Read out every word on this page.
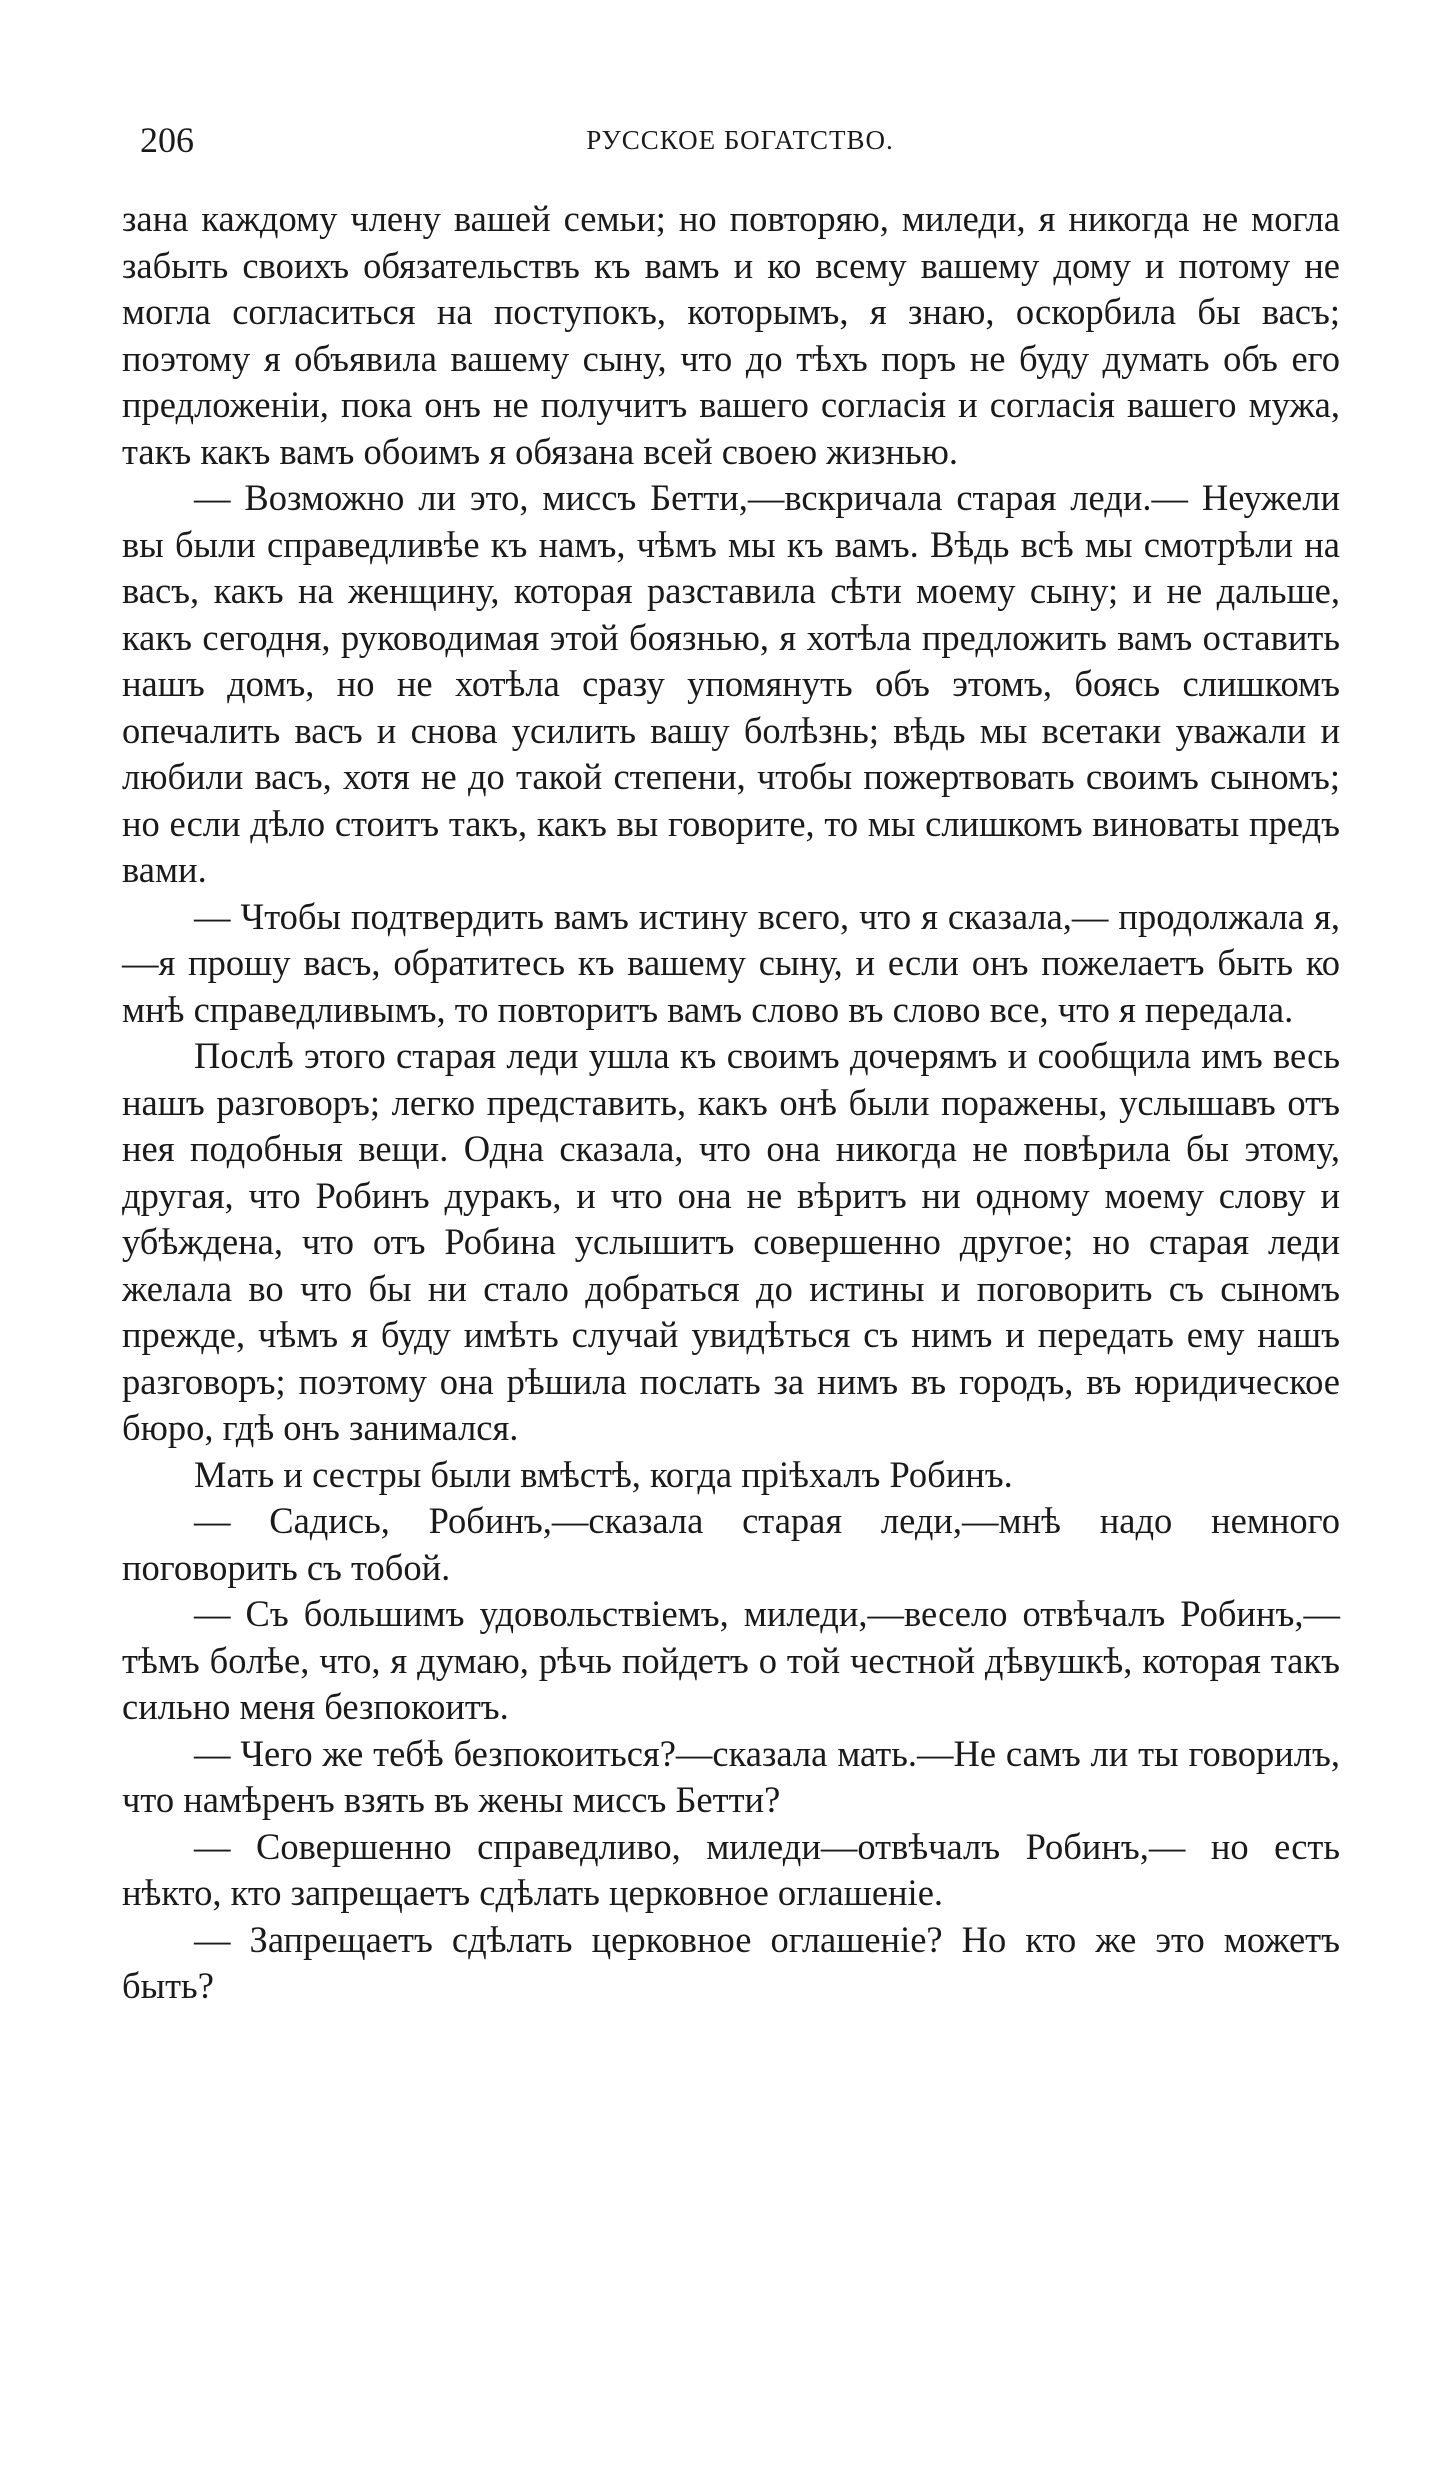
206	РУССКОЕ БОГАТСТВО.

зана каждому члену вашей семьи; но повторяю, миледи, я никогда не могла забыть своихъ обязательствъ къ вамъ и ко всему вашему дому и потому не могла согласиться на поступокъ, которымъ, я знаю, оскорбила бы васъ; поэтому я объявила вашему сыну, что до тѣхъ поръ не буду думать объ его предложеніи, пока онъ не получитъ вашего согласія и согласія вашего мужа, такъ какъ вамъ обоимъ я обязана всей своею жизнью.

— Возможно ли это, миссъ Бетти,—вскричала старая леди.— Неужели вы были справедливѣе къ намъ, чѣмъ мы къ вамъ. Вѣдь всѣ мы смотрѣли на васъ, какъ на женщину, которая разставила сѣти моему сыну; и не дальше, какъ сегодня, руководимая этой боязнью, я хотѣла предложить вамъ оставить нашъ домъ, но не хотѣла сразу упомянуть объ этомъ, боясь слишкомъ опечалить васъ и снова усилить вашу болѣзнь; вѣдь мы всетаки уважали и любили васъ, хотя не до такой степени, чтобы пожертвовать своимъ сыномъ; но если дѣло стоитъ такъ, какъ вы говорите, то мы слишкомъ виноваты предъ вами.

— Чтобы подтвердить вамъ истину всего, что я сказала,— продолжала я,—я прошу васъ, обратитесь къ вашему сыну, и если онъ пожелаетъ быть ко мнѣ справедливымъ, то повторитъ вамъ слово въ слово все, что я передала.

Послѣ этого старая леди ушла къ своимъ дочерямъ и сообщила имъ весь нашъ разговоръ; легко представить, какъ онѣ были поражены, услышавъ отъ нея подобныя вещи. Одна сказала, что она никогда не повѣрила бы этому, другая, что Робинъ дуракъ, и что она не вѣритъ ни одному моему слову и убѣждена, что отъ Робина услышитъ совершенно другое; но старая леди желала во что бы ни стало добраться до истины и поговорить съ сыномъ прежде, чѣмъ я буду имѣть случай увидѣться съ нимъ и передать ему нашъ разговоръ; поэтому она рѣшила послать за нимъ въ городъ, въ юридическое бюро, гдѣ онъ занимался.

Мать и сестры были вмѣстѣ, когда пріѣхалъ Робинъ.

— Садись, Робинъ,—сказала старая леди,—мнѣ надо немного поговорить съ тобой.

— Съ большимъ удовольствіемъ, миледи,—весело отвѣчалъ Робинъ,—тѣмъ болѣе, что, я думаю, рѣчь пойдетъ о той честной дѣвушкѣ, которая такъ сильно меня безпокоитъ.

— Чего же тебѣ безпокоиться?—сказала мать.—Не самъ ли ты говорилъ, что намѣренъ взять въ жены миссъ Бетти?

— Совершенно справедливо, миледи—отвѣчалъ Робинъ,— но есть нѣкто, кто запрещаетъ сдѣлать церковное оглашеніе.

— Запрещаетъ сдѣлать церковное оглашеніе? Но кто же это можетъ быть?
